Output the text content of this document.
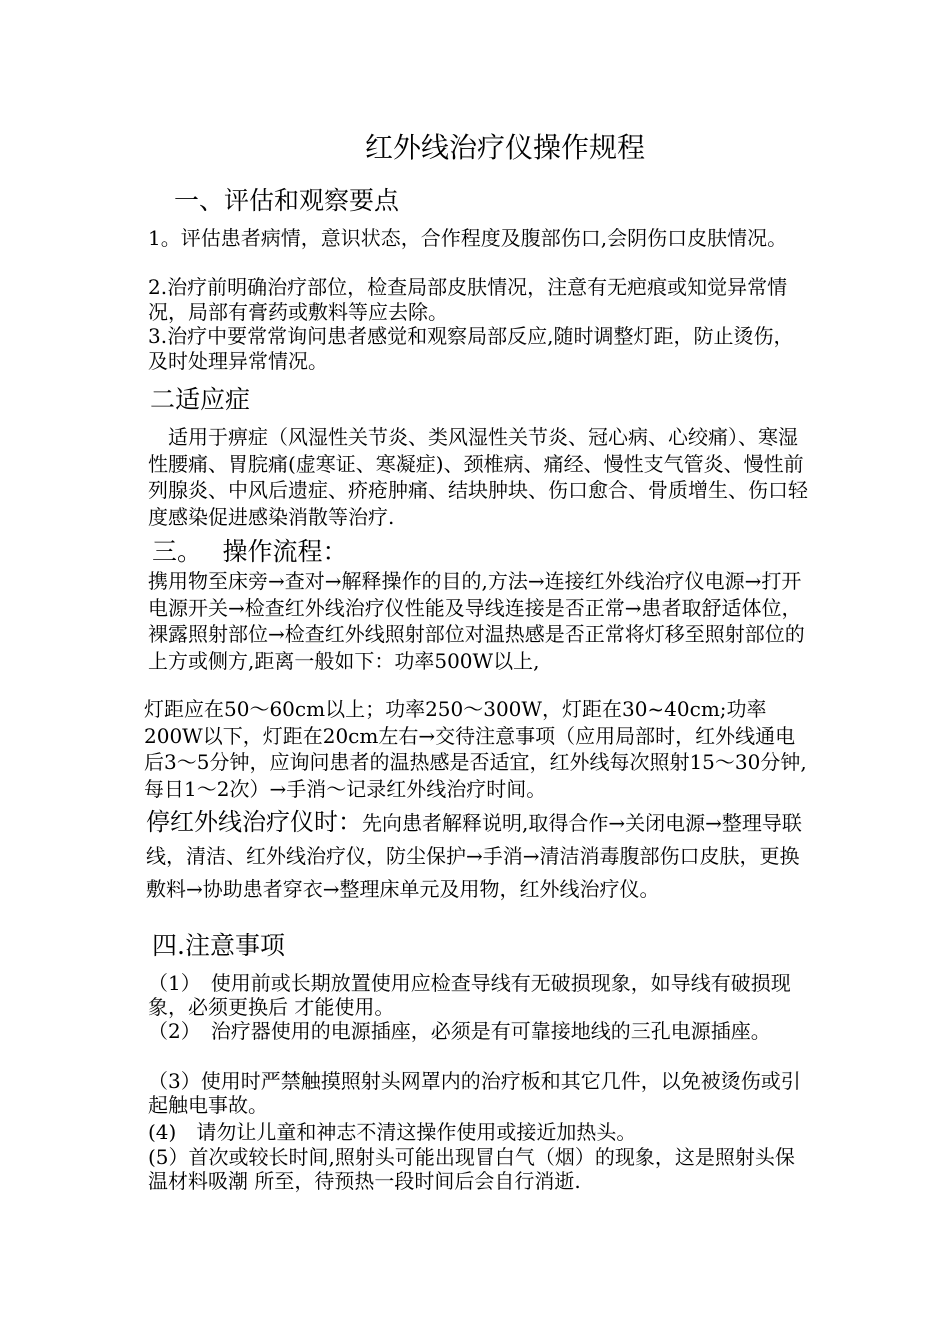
红外线治疗仪操作规程
一、评估和观察要点

1。评估患者病情，意识状态，合作程度及腹部伤口,会阴伤口皮肤情况。

2.治疗前明确治疗部位，检查局部皮肤情况，注意有无疤痕或知觉异常情况，局部有膏药或敷料等应去除。

3.治疗中要常常询问患者感觉和观察局部反应,随时调整灯距，防止烫伤，及时处理异常情况。

二适应症

　适用于痹症（风湿性关节炎、类风湿性关节炎、冠心病、心绞痛）、寒湿性腰痛、胃脘痛(虚寒证、寒凝症)、颈椎病、痛经、慢性支气管炎、慢性前列腺炎、中风后遗症、疥疮肿痛、结块肿块、伤口愈合、骨质增生、伤口轻度感染促进感染消散等治疗.

三。　 操作流程：

携用物至床旁→查对→解释操作的目的,方法→连接红外线治疗仪电源→打开电源开关→检查红外线治疗仪性能及导线连接是否正常→患者取舒适体位，裸露照射部位→检查红外线照射部位对温热感是否正常将灯移至照射部位的上方或侧方,距离一般如下：功率500W以上,

灯距应在50～60cm以上；功率250～300W，灯距在30~40cm;功率200W以下，灯距在20cm左右→交待注意事项（应用局部时，红外线通电后3～5分钟，应询问患者的温热感是否适宜，红外线每次照射15～30分钟,每日1～2次）→手消～记录红外线治疗时间。

停红外线治疗仪时：先向患者解释说明,取得合作→关闭电源→整理导联线，清洁、红外线治疗仪，防尘保护→手消→清洁消毒腹部伤口皮肤，更换敷料→协助患者穿衣→整理床单元及用物，红外线治疗仪。

四.注意事项

（1）　使用前或长期放置使用应检查导线有无破损现象，如导线有破损现象，必须更换后 才能使用。

（2）　治疗器使用的电源插座，必须是有可靠接地线的三孔电源插座。

（3）使用时严禁触摸照射头网罩内的治疗板和其它几件，以免被烫伤或引起触电事故。

(4)　请勿让儿童和神志不清这操作使用或接近加热头。

(5）首次或较长时间,照射头可能出现冒白气（烟）的现象，这是照射头保温材料吸潮 所至，待预热一段时间后会自行消逝.
